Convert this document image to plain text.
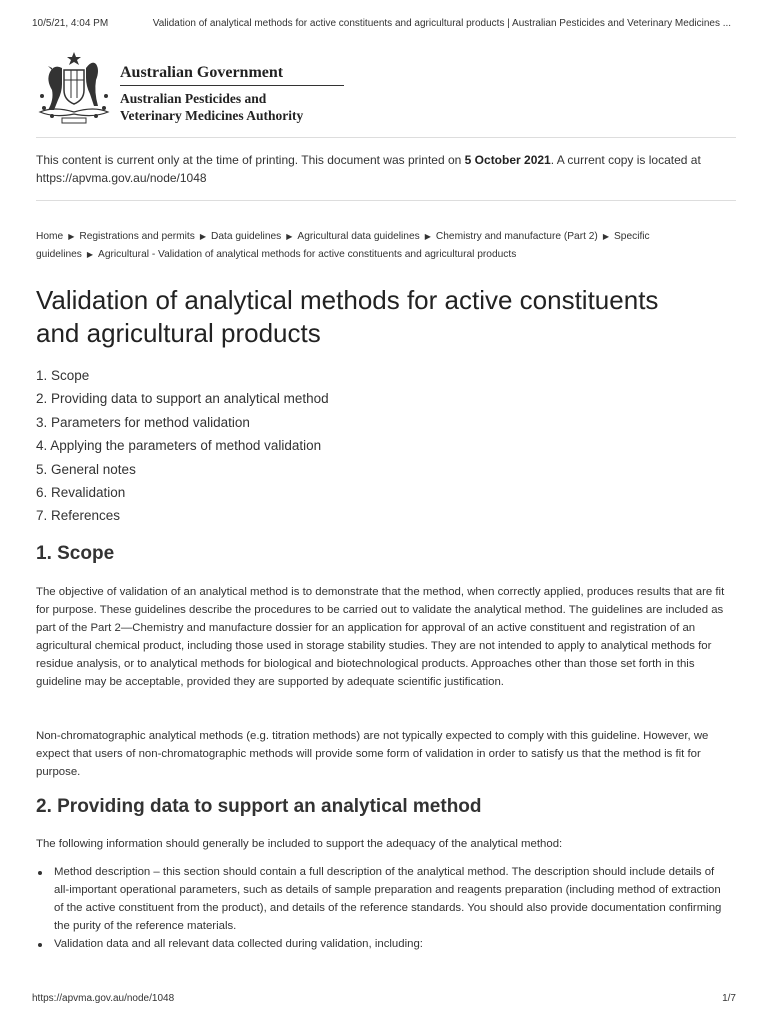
10/5/21, 4:04 PM	Validation of analytical methods for active constituents and agricultural products | Australian Pesticides and Veterinary Medicines ...
Australian Government
Australian Pesticides and
Veterinary Medicines Authority
This content is current only at the time of printing. This document was printed on 5 October 2021. A current copy is located at https://apvma.gov.au/node/1048
Home ▶ Registrations and permits ▶ Data guidelines ▶ Agricultural data guidelines ▶ Chemistry and manufacture (Part 2) ▶ Specific guidelines ▶ Agricultural - Validation of analytical methods for active constituents and agricultural products
Validation of analytical methods for active constituents and agricultural products
1. Scope
2. Providing data to support an analytical method
3. Parameters for method validation
4. Applying the parameters of method validation
5. General notes
6. Revalidation
7. References
1. Scope

The objective of validation of an analytical method is to demonstrate that the method, when correctly applied, produces results that are fit for purpose. These guidelines describe the procedures to be carried out to validate the analytical method. The guidelines are included as part of the Part 2—Chemistry and manufacture dossier for an application for approval of an active constituent and registration of an agricultural chemical product, including those used in storage stability studies. They are not intended to apply to analytical methods for residue analysis, or to analytical methods for biological and biotechnological products. Approaches other than those set forth in this guideline may be acceptable, provided they are supported by adequate scientific justification.

Non-chromatographic analytical methods (e.g. titration methods) are not typically expected to comply with this guideline. However, we expect that users of non-chromatographic methods will provide some form of validation in order to satisfy us that the method is fit for purpose.

2. Providing data to support an analytical method

The following information should generally be included to support the adequacy of the analytical method:

Method description – this section should contain a full description of the analytical method. The description should include details of all-important operational parameters, such as details of sample preparation and reagents preparation (including method of extraction of the active constituent from the product), and details of the reference standards. You should also provide documentation confirming the purity of the reference materials.
Validation data and all relevant data collected during validation, including:
https://apvma.gov.au/node/1048	1/7
